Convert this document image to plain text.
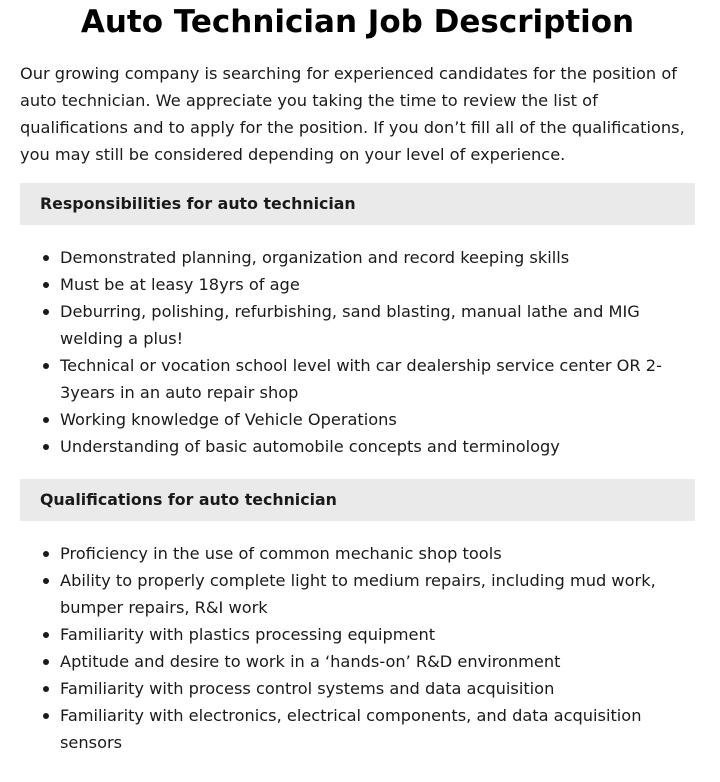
Auto Technician Job Description

Our growing company is searching for experienced candidates for the position of auto technician. We appreciate you taking the time to review the list of qualifications and to apply for the position. If you don’t fill all of the qualifications, you may still be considered depending on your level of experience.

Responsibilities for auto technician
Demonstrated planning, organization and record keeping skills
Must be at leasy 18yrs of age
Deburring, polishing, refurbishing, sand blasting, manual lathe and MIG welding a plus!
Technical or vocation school level with car dealership service center OR 2-3years in an auto repair shop
Working knowledge of Vehicle Operations
Understanding of basic automobile concepts and terminology
Qualifications for auto technician
Proficiency in the use of common mechanic shop tools
Ability to properly complete light to medium repairs, including mud work, bumper repairs, R&I work
Familiarity with plastics processing equipment
Aptitude and desire to work in a ‘hands-on’ R&D environment
Familiarity with process control systems and data acquisition
Familiarity with electronics, electrical components, and data acquisition sensors
